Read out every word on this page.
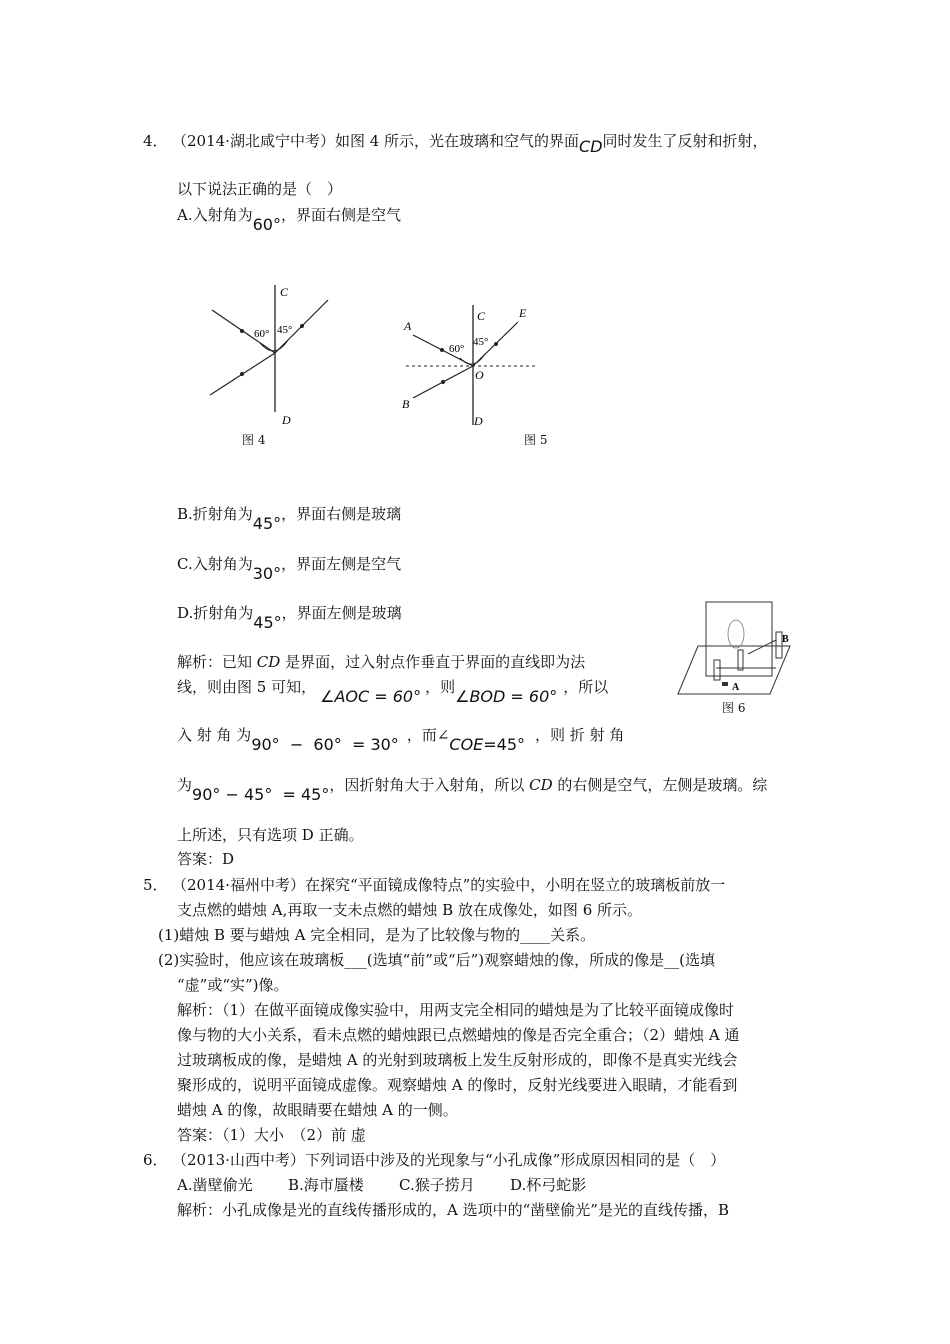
4． （2014·湖北咸宁中考）如图 4 所示，光在玻璃和空气的界面CD同时发生了反射和折射，
以下说法正确的是（　）
A.入射角为60°，界面右侧是空气
C
D
60° 45°
图 4
A
B
C
D
E
O
60°
45°
图 5
B.折射角为45°，界面右侧是玻璃
C.入射角为30°，界面左侧是空气
D.折射角为45°，界面左侧是玻璃
A
B
图 6
解析：已知 CD 是界面，过入射点作垂直于界面的直线即为法
线，则由图 5 可知， ∠AOC = 60° ，则∠BOD = 60° ，所以
入 射 角 为90°  −  60°  = 30° ，而∠COE=45° ，则 折 射 角
为90° − 45°  = 45°，因折射角大于入射角，所以 CD 的右侧是空气，左侧是玻璃。综
上所述，只有选项 D 正确。
答案：D
5． （2014·福州中考）在探究“平面镜成像特点”的实验中，小明在竖立的玻璃板前放一
支点燃的蜡烛 A,再取一支未点燃的蜡烛 B 放在成像处，如图 6 所示。
(1)蜡烛 B 要与蜡烛 A 完全相同，是为了比较像与物的____关系。
(2)实验时，他应该在玻璃板___(选填“前”或“后”)观察蜡烛的像，所成的像是__(选填
“虚”或“实”)像。
解析：（1）在做平面镜成像实验中，用两支完全相同的蜡烛是为了比较平面镜成像时
像与物的大小关系，看未点燃的蜡烛跟已点燃蜡烛的像是否完全重合；（2）蜡烛 A 通
过玻璃板成的像，是蜡烛 A 的光射到玻璃板上发生反射形成的，即像不是真实光线会
聚形成的，说明平面镜成虚像。观察蜡烛 A 的像时，反射光线要进入眼睛，才能看到
蜡烛 A 的像，故眼睛要在蜡烛 A 的一侧。
答案：（1）大小　（2）前 虚
6． （2013·山西中考）下列词语中涉及的光现象与“小孔成像”形成原因相同的是（　）
A.凿壁偷光 B.海市蜃楼 C.猴子捞月 D.杯弓蛇影
解析：小孔成像是光的直线传播形成的，A 选项中的“凿壁偷光”是光的直线传播，B
